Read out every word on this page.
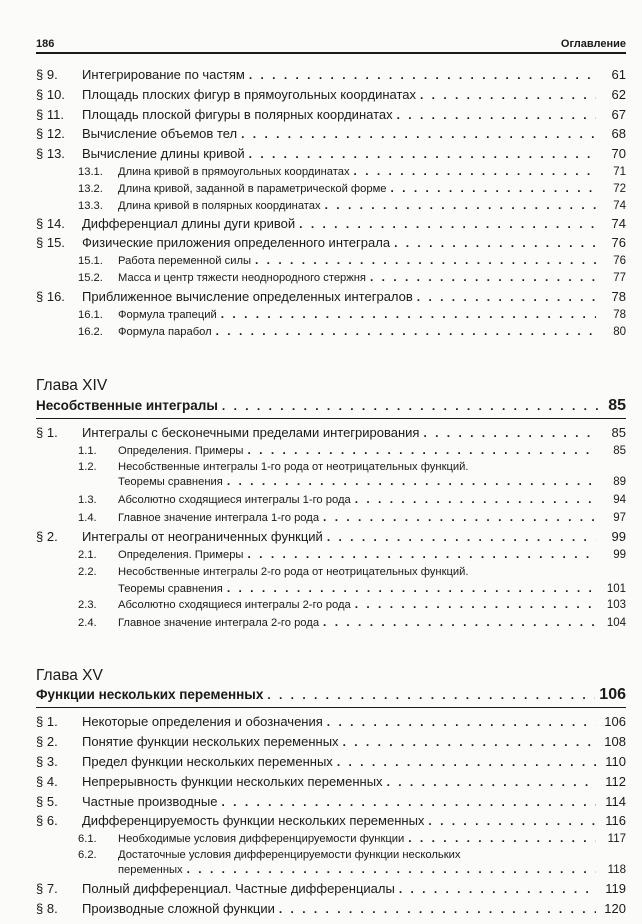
186	Оглавление
§ 9.	Интегрирование по частям . . .	61
§ 10.	Площадь плоских фигур в прямоугольных координатах . . .	62
§ 11.	Площадь плоской фигуры в полярных координатах . . .	67
§ 12.	Вычисление объемов тел . . .	68
§ 13.	Вычисление длины кривой . . .	70
13.1.	Длина кривой в прямоугольных координатах . . .	71
13.2.	Длина кривой, заданной в параметрической форме . . .	72
13.3.	Длина кривой в полярных координатах . . .	74
§ 14.	Дифференциал длины дуги кривой . . .	74
§ 15.	Физические приложения определенного интеграла . . .	76
15.1.	Работа переменной силы . . .	76
15.2.	Масса и центр тяжести неоднородного стержня . . .	77
§ 16.	Приближенное вычисление определенных интегралов . . .	78
16.1.	Формула трапеций . . .	78
16.2.	Формула парабол . . .	80
Глава XIV
Несобственные интегралы . . .	85
§ 1.	Интегралы с бесконечными пределами интегрирования . . .	85
1.1.	Определения. Примеры . . .	85
1.2.	Несобственные интегралы 1-го рода от неотрицательных функций.
Теоремы сравнения . . .	89
1.3.	Абсолютно сходящиеся интегралы 1-го рода . . .	94
1.4.	Главное значение интеграла 1-го рода . . .	97
§ 2.	Интегралы от неограниченных функций . . .	99
2.1.	Определения. Примеры . . .	99
2.2.	Несобственные интегралы 2-го рода от неотрицательных функций.
Теоремы сравнения . . .	101
2.3.	Абсолютно сходящиеся интегралы 2-го рода . . .	103
2.4.	Главное значение интеграла 2-го рода . . .	104
Глава XV
Функции нескольких переменных . . .	106
§ 1.	Некоторые определения и обозначения . . .	106
§ 2.	Понятие функции нескольких переменных . . .	108
§ 3.	Предел функции нескольких переменных . . .	110
§ 4.	Непрерывность функции нескольких переменных . . .	112
§ 5.	Частные производные . . .	114
§ 6.	Дифференцируемость функции нескольких переменных . . .	116
6.1.	Необходимые условия дифференцируемости функции . . .	117
6.2.	Достаточные условия дифференцируемости функции нескольких
переменных . . .	118
§ 7.	Полный дифференциал. Частные дифференциалы . . .	119
§ 8.	Производные сложной функции . . .	120
